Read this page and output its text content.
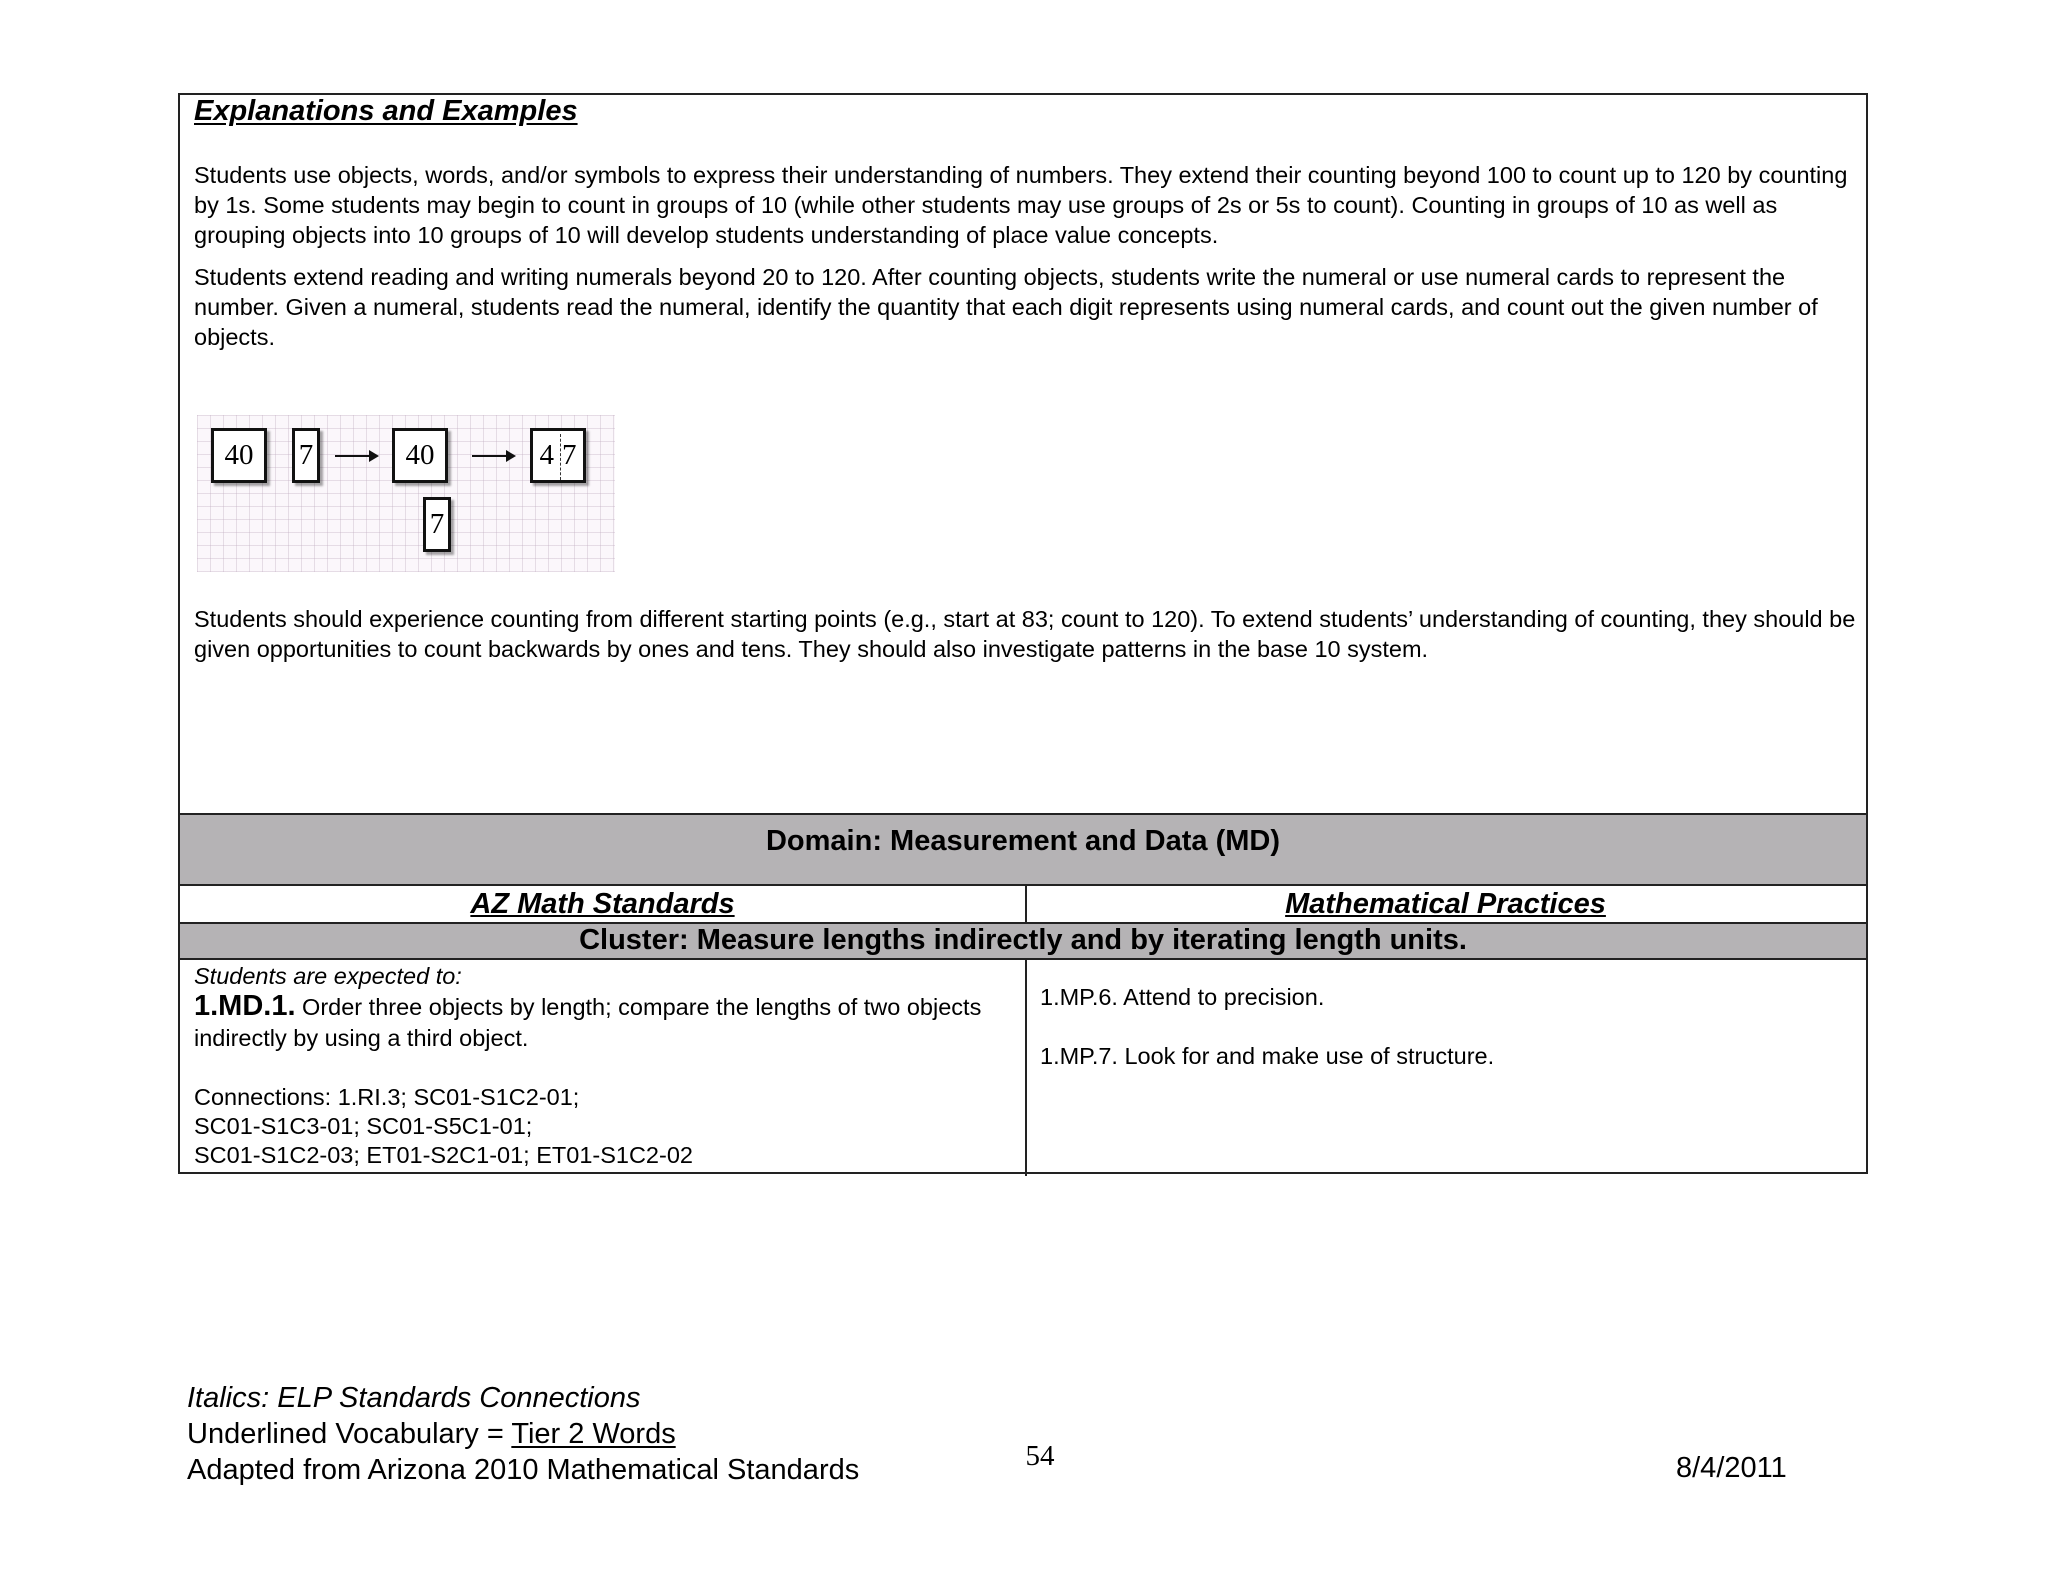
Explanations and Examples

Students use objects, words, and/or symbols to express their understanding of numbers. They extend their counting beyond 100 to count up to 120 by counting by 1s. Some students may begin to count in groups of 10 (while other students may use groups of 2s or 5s to count). Counting in groups of 10 as well as grouping objects into 10 groups of 10 will develop students understanding of place value concepts.

Students extend reading and writing numerals beyond 20 to 120. After counting objects, students write the numeral or use numeral cards to represent the number. Given a numeral, students read the numeral, identify the quantity that each digit represents using numeral cards, and count out the given number of objects.

40 7	40
7
4 7

Students should experience counting from different starting points (e.g., start at 83; count to 120). To extend students’ understanding of counting, they should be given opportunities to count backwards by ones and tens. They should also investigate patterns in the base 10 system.

Domain: Measurement and Data (MD)

AZ Math Standards	Mathematical Practices
Cluster: Measure lengths indirectly and by iterating length units.

Students are expected to:

1.MD.1. Order three objects by length; compare the lengths of two objects indirectly by using a third object.

Connections: 1.RI.3; SC01-S1C2-01;
SC01-S1C3-01; SC01-S5C1-01;
SC01-S1C2-03; ET01-S2C1-01; ET01-S1C2-02

1.MP.6. Attend to precision.

1.MP.7. Look for and make use of structure.

Italics: ELP Standards Connections
Underlined Vocabulary = Tier 2 Words
Adapted from Arizona 2010 Mathematical Standards	54	8/4/2011
